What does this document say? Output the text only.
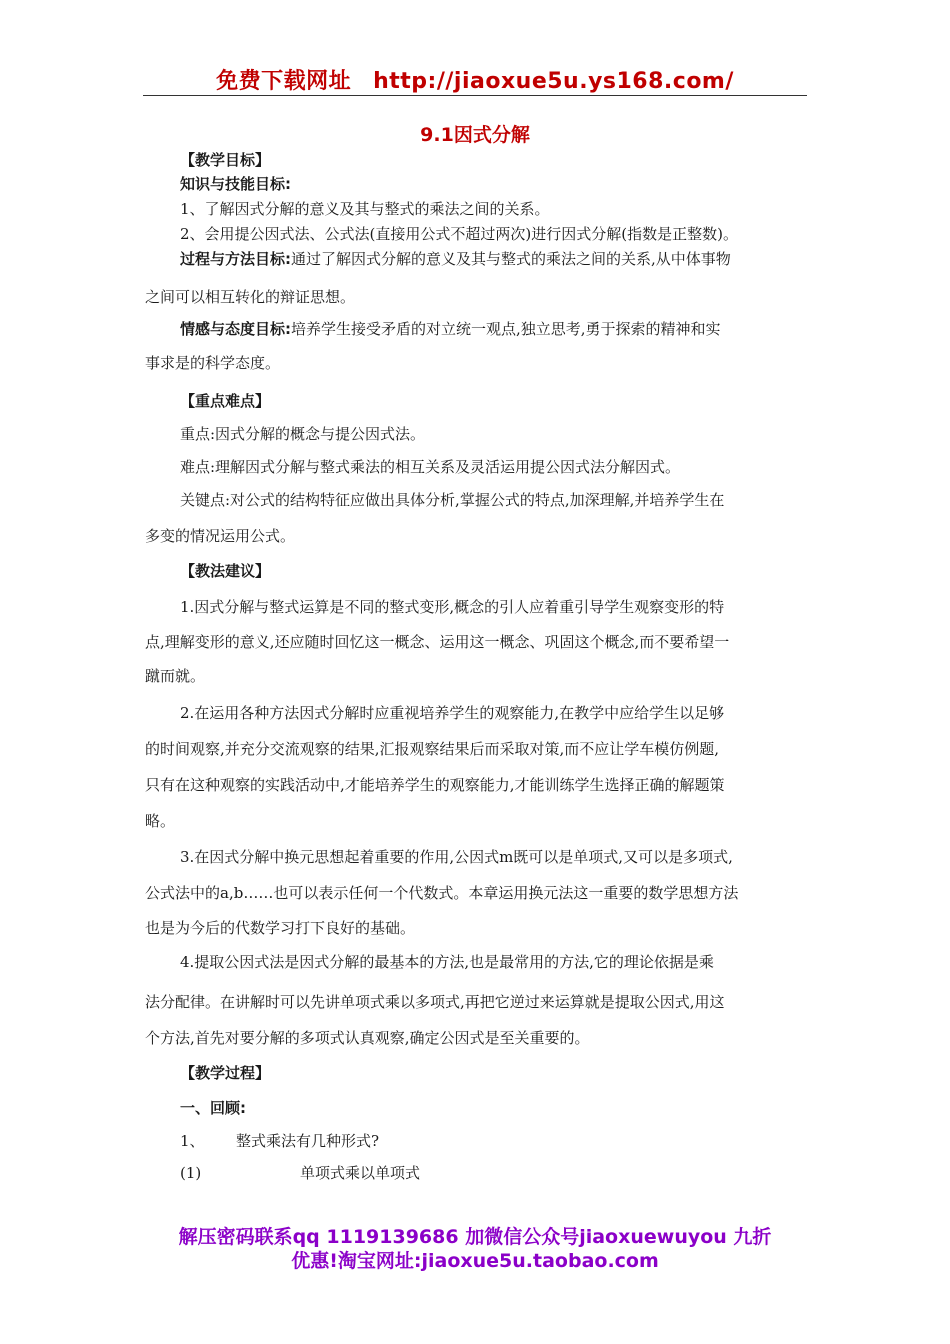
免费下载网址 http://jiaoxue5u.ys168.com/
9.1因式分解

【教学目标】

知识与技能目标:

1、了解因式分解的意义及其与整式的乘法之间的关系。

2、会用提公因式法、公式法(直接用公式不超过两次)进行因式分解(指数是正整数)。

过程与方法目标:通过了解因式分解的意义及其与整式的乘法之间的关系,从中体事物

之间可以相互转化的辩证思想。

情感与态度目标:培养学生接受矛盾的对立统一观点,独立思考,勇于探索的精神和实

事求是的科学态度。

【重点难点】

重点:因式分解的概念与提公因式法。

难点:理解因式分解与整式乘法的相互关系及灵活运用提公因式法分解因式。

关键点:对公式的结构特征应做出具体分析,掌握公式的特点,加深理解,并培养学生在

多变的情况运用公式。

【教法建议】

1.因式分解与整式运算是不同的整式变形,概念的引人应着重引导学生观察变形的特

点,理解变形的意义,还应随时回忆这一概念、运用这一概念、巩固这个概念,而不要希望一

蹴而就。

2.在运用各种方法因式分解时应重视培养学生的观察能力,在教学中应给学生以足够

的时间观察,并充分交流观察的结果,汇报观察结果后而采取对策,而不应让学车模仿例题,

只有在这种观察的实践活动中,才能培养学生的观察能力,才能训练学生选择正确的解题策

略。

3.在因式分解中换元思想起着重要的作用,公因式m既可以是单项式,又可以是多项式,

公式法中的a,b……也可以表示任何一个代数式。本章运用换元法这一重要的数学思想方法

也是为今后的代数学习打下良好的基础。

4.提取公因式法是因式分解的最基本的方法,也是最常用的方法,它的理论依据是乘

法分配律。在讲解时可以先讲单项式乘以多项式,再把它逆过来运算就是提取公因式,用这

个方法,首先对要分解的多项式认真观察,确定公因式是至关重要的。

【教学过程】

一、回顾:

1、 整式乘法有几种形式?

(1)	单项式乘以单项式

解压密码联系qq 1119139686 加微信公众号jiaoxuewuyou 九折
优惠!淘宝网址:jiaoxue5u.taobao.com
